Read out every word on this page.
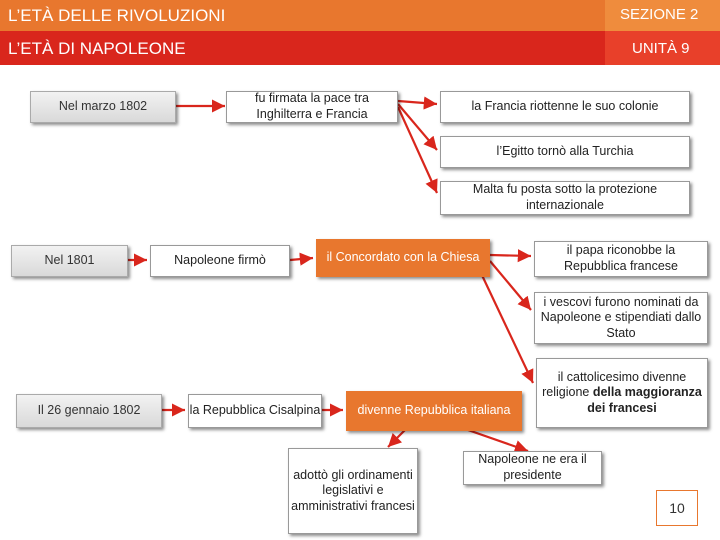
L’ETÀ DELLE RIVOLUZIONI
L’ETÀ DI NAPOLEONE
SEZIONE 2
UNITÀ 9
Nel marzo 1802
fu firmata la pace tra Inghilterra e Francia
la Francia riottenne le suo colonie
l’Egitto tornò alla Turchia
Malta fu posta sotto la protezione internazionale
Nel 1801	Napoleone firmò	il Concordato con la Chiesa	il papa riconobbe la Repubblica francese
i vescovi furono nominati da Napoleone e stipendiati dallo Stato
il cattolicesimo divenne religione della maggioranza dei francesi
Il 26 gennaio 1802	la Repubblica Cisalpina	divenne Repubblica italiana
adottò gli ordinamenti legislativi e amministrativi francesi
Napoleone ne era il presidente
10
